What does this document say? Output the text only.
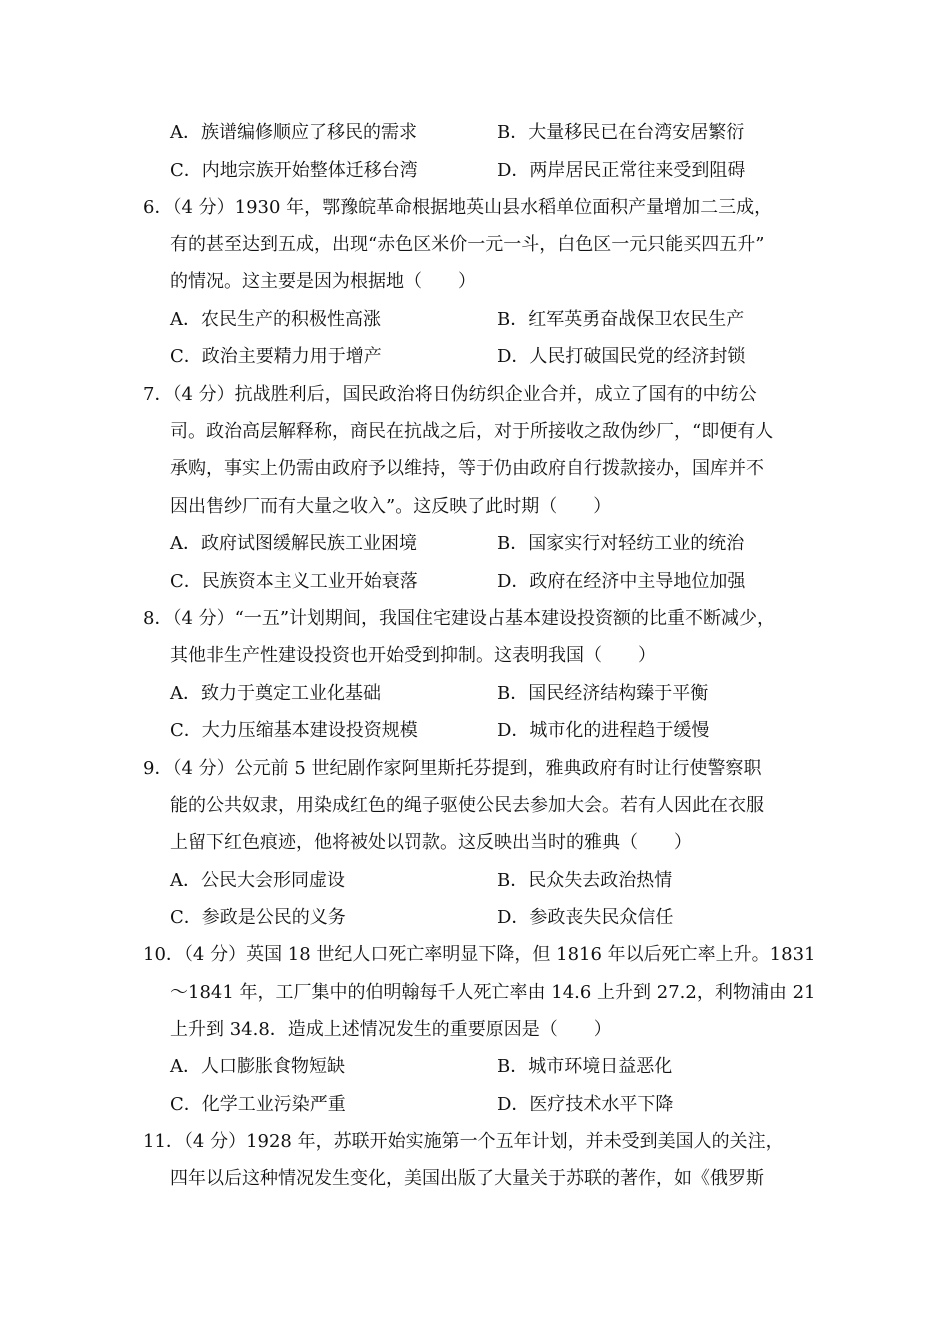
A．族谱编修顺应了移民的需求	B．大量移民已在台湾安居繁衍
C．内地宗族开始整体迁移台湾	D．两岸居民正常往来受到阻碍
6．（4 分）1930 年，鄂豫皖革命根据地英山县水稻单位面积产量增加二三成，
有的甚至达到五成，出现“赤色区米价一元一斗，白色区一元只能买四五升”
的情况。这主要是因为根据地（　　）
A．农民生产的积极性高涨	B．红军英勇奋战保卫农民生产
C．政治主要精力用于增产	D．人民打破国民党的经济封锁
7．（4 分）抗战胜利后，国民政治将日伪纺织企业合并，成立了国有的中纺公
司。政治高层解释称，商民在抗战之后，对于所接收之敌伪纱厂，“即便有人
承购，事实上仍需由政府予以维持，等于仍由政府自行拨款接办，国库并不
因出售纱厂而有大量之收入”。这反映了此时期（　　）
A．政府试图缓解民族工业困境	B．国家实行对轻纺工业的统治
C．民族资本主义工业开始衰落	D．政府在经济中主导地位加强
8．（4 分）“一五”计划期间，我国住宅建设占基本建设投资额的比重不断减少，
其他非生产性建设投资也开始受到抑制。这表明我国（　　）
A．致力于奠定工业化基础	B．国民经济结构臻于平衡
C．大力压缩基本建设投资规模	D．城市化的进程趋于缓慢
9．（4 分）公元前 5 世纪剧作家阿里斯托芬提到，雅典政府有时让行使警察职
能的公共奴隶，用染成红色的绳子驱使公民去参加大会。若有人因此在衣服
上留下红色痕迹，他将被处以罚款。这反映出当时的雅典（　　）
A．公民大会形同虚设	B．民众失去政治热情
C．参政是公民的义务	D．参政丧失民众信任
10．（4 分）英国 18 世纪人口死亡率明显下降，但 1816 年以后死亡率上升。1831
～1841 年，工厂集中的伯明翰每千人死亡率由 14.6 上升到 27.2，利物浦由 21
上升到 34.8．造成上述情况发生的重要原因是（　　）
A．人口膨胀食物短缺	B．城市环境日益恶化
C．化学工业污染严重	D．医疗技术水平下降
11．（4 分）1928 年，苏联开始实施第一个五年计划，并未受到美国人的关注，
四年以后这种情况发生变化，美国出版了大量关于苏联的著作，如《俄罗斯
